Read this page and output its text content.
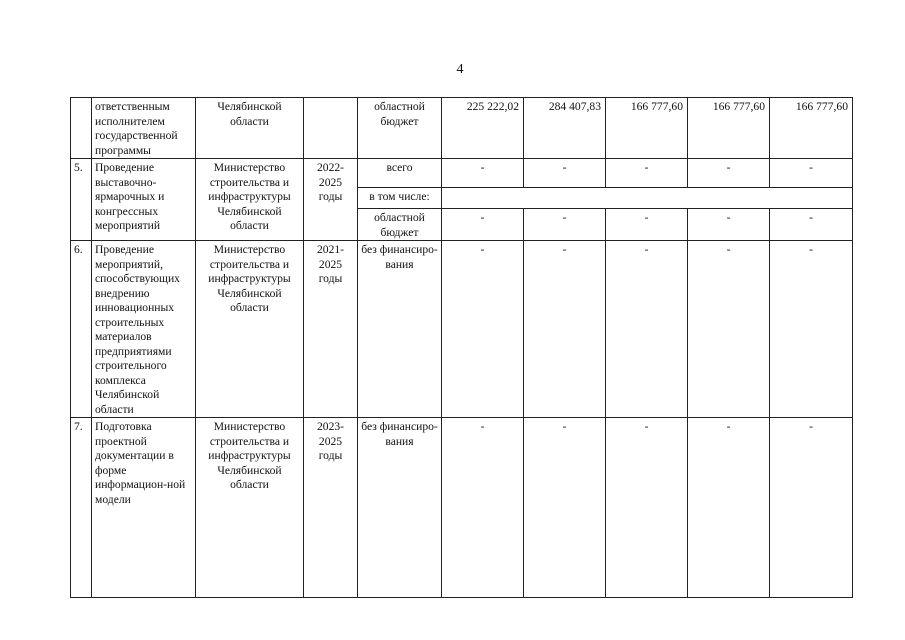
4
	ответственным исполнителем государственной программы	Челябинской области		областной бюджет	225 222,02	284 407,83	166 777,60	166 777,60	166 777,60
5.	Проведение выставочно-ярмарочных и конгрессных мероприятий	Министерство строительства и инфраструктуры Челябинской области	2022-2025 годы	всего	-	-	-	-	-
				в том числе:					
				областной бюджет	-	-	-	-	-
6.	Проведение мероприятий, способствующих внедрению инновационных строительных материалов предприятиями строительного комплекса Челябинской области	Министерство строительства и инфраструктуры Челябинской области	2021-2025 годы	без финансиро-вания	-	-	-	-	-
7.	Подготовка проектной документации в форме информацион-ной модели	Министерство строительства и инфраструктуры Челябинской области	2023-2025 годы	без финансиро-вания	-	-	-	-	-
